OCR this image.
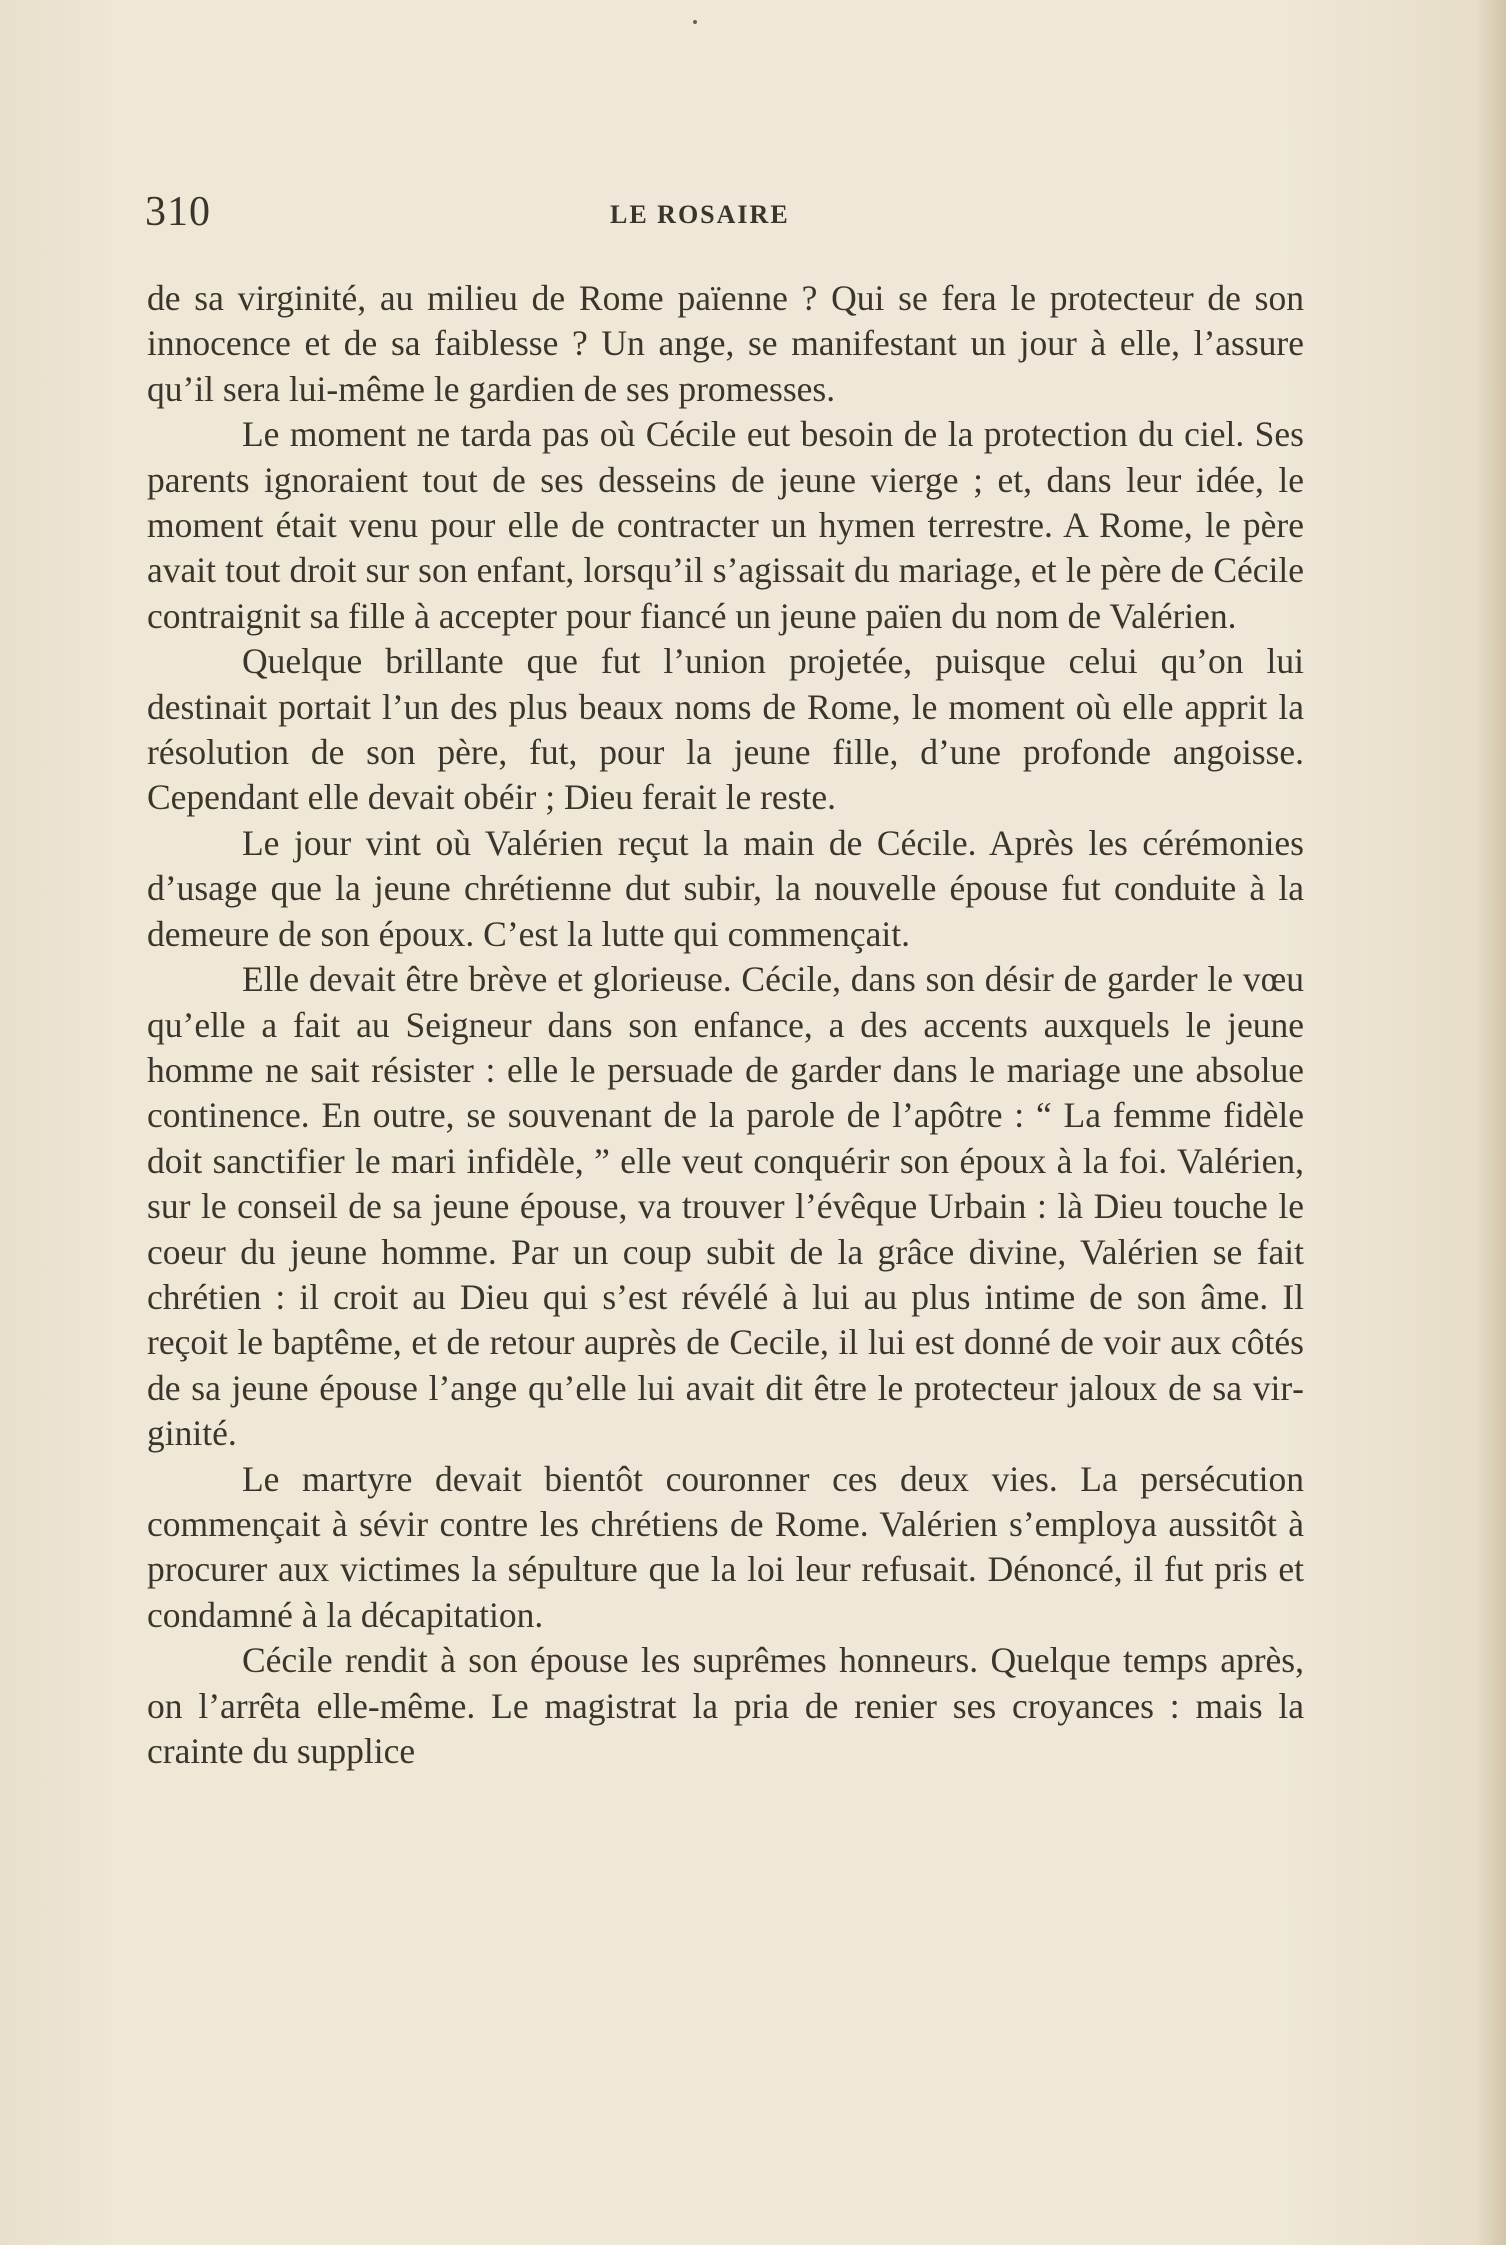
310	LE ROSAIRE

de sa virginité, au milieu de Rome païenne ? Qui se fera le protecteur de son innocence et de sa faiblesse ? Un ange, se manifestant un jour à elle, l’assure qu’il sera lui-même le gardien de ses promesses.

Le moment ne tarda pas où Cécile eut besoin de la protection du ciel. Ses parents ignoraient tout de ses desseins de jeune vierge ; et, dans leur idée, le moment était venu pour elle de contracter un hymen terrestre. A Rome, le père avait tout droit sur son enfant, lorsqu’il s’agissait du mariage, et le père de Cécile contraignit sa fille à accepter pour fiancé un jeune païen du nom de Valérien.

Quelque brillante que fut l’union projetée, puisque celui qu’on lui destinait portait l’un des plus beaux noms de Rome, le moment où elle apprit la résolution de son père, fut, pour la jeune fille, d’une profonde angoisse. Cependant elle devait obéir ; Dieu ferait le reste.

Le jour vint où Valérien reçut la main de Cécile. Après les cérémonies d’usage que la jeune chrétienne dut subir, la nouvelle épouse fut conduite à la demeure de son époux. C’est la lutte qui commençait.

Elle devait être brève et glorieuse. Cécile, dans son désir de garder le vœu qu’elle a fait au Seigneur dans son enfance, a des accents auxquels le jeune homme ne sait résister : elle le persuade de garder dans le mariage une absolue continence. En outre, se souvenant de la parole de l’apôtre : “ La femme fidèle doit sanctifier le mari infidèle, ” elle veut conquérir son époux à la foi. Valérien, sur le conseil de sa jeune épouse, va trouver l’évêque Urbain : là Dieu touche le coeur du jeune homme. Par un coup subit de la grâce divine, Valérien se fait chrétien : il croit au Dieu qui s’est révélé à lui au plus intime de son âme. Il reçoit le baptême, et de retour auprès de Cecile, il lui est donné de voir aux côtés de sa jeune épouse l’ange qu’elle lui avait dit être le protecteur jaloux de sa virginité.

Le martyre devait bientôt couronner ces deux vies. La persécution commençait à sévir contre les chrétiens de Rome. Valérien s’employa aussitôt à procurer aux victimes la sépulture que la loi leur refusait. Dénoncé, il fut pris et condamné à la décapitation.

Cécile rendit à son épouse les suprêmes honneurs. Quelque temps après, on l’arrêta elle-même. Le magistrat la pria de renier ses croyances : mais la crainte du supplice
